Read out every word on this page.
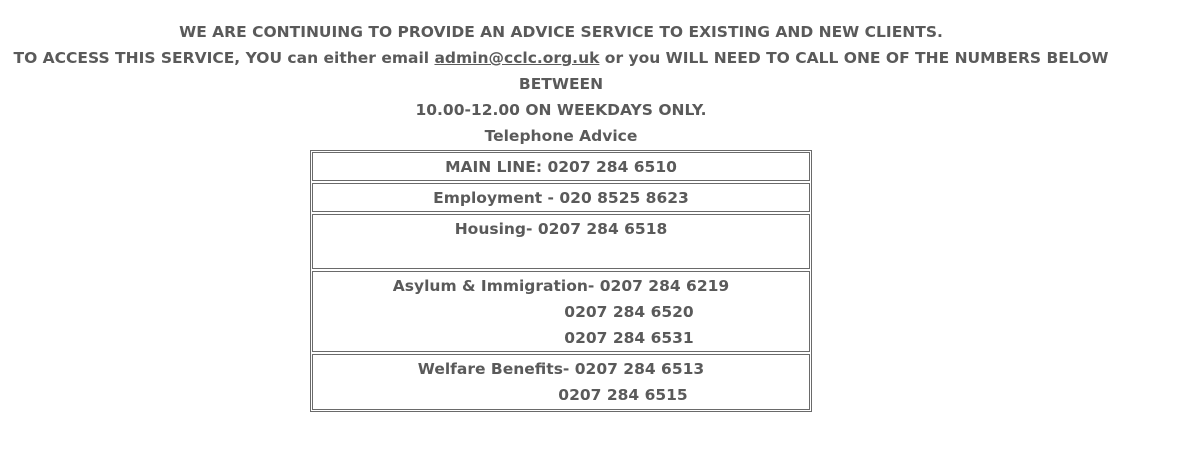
WE ARE CONTINUING TO PROVIDE AN ADVICE SERVICE TO EXISTING AND NEW CLIENTS.
TO ACCESS THIS SERVICE, YOU can either email admin@cclc.org.uk or you WILL NEED TO CALL ONE OF THE NUMBERS BELOW BETWEEN
10.00-12.00 ON WEEKDAYS ONLY.
Telephone Advice
MAIN LINE: 0207 284 6510
Employment - 020 8525 8623
Housing- 0207 284 6518
Asylum & Immigration- 0207 284 6219
0207 284 6520
0207 284 6531
Welfare Benefits- 0207 284 6513
0207 284 6515
